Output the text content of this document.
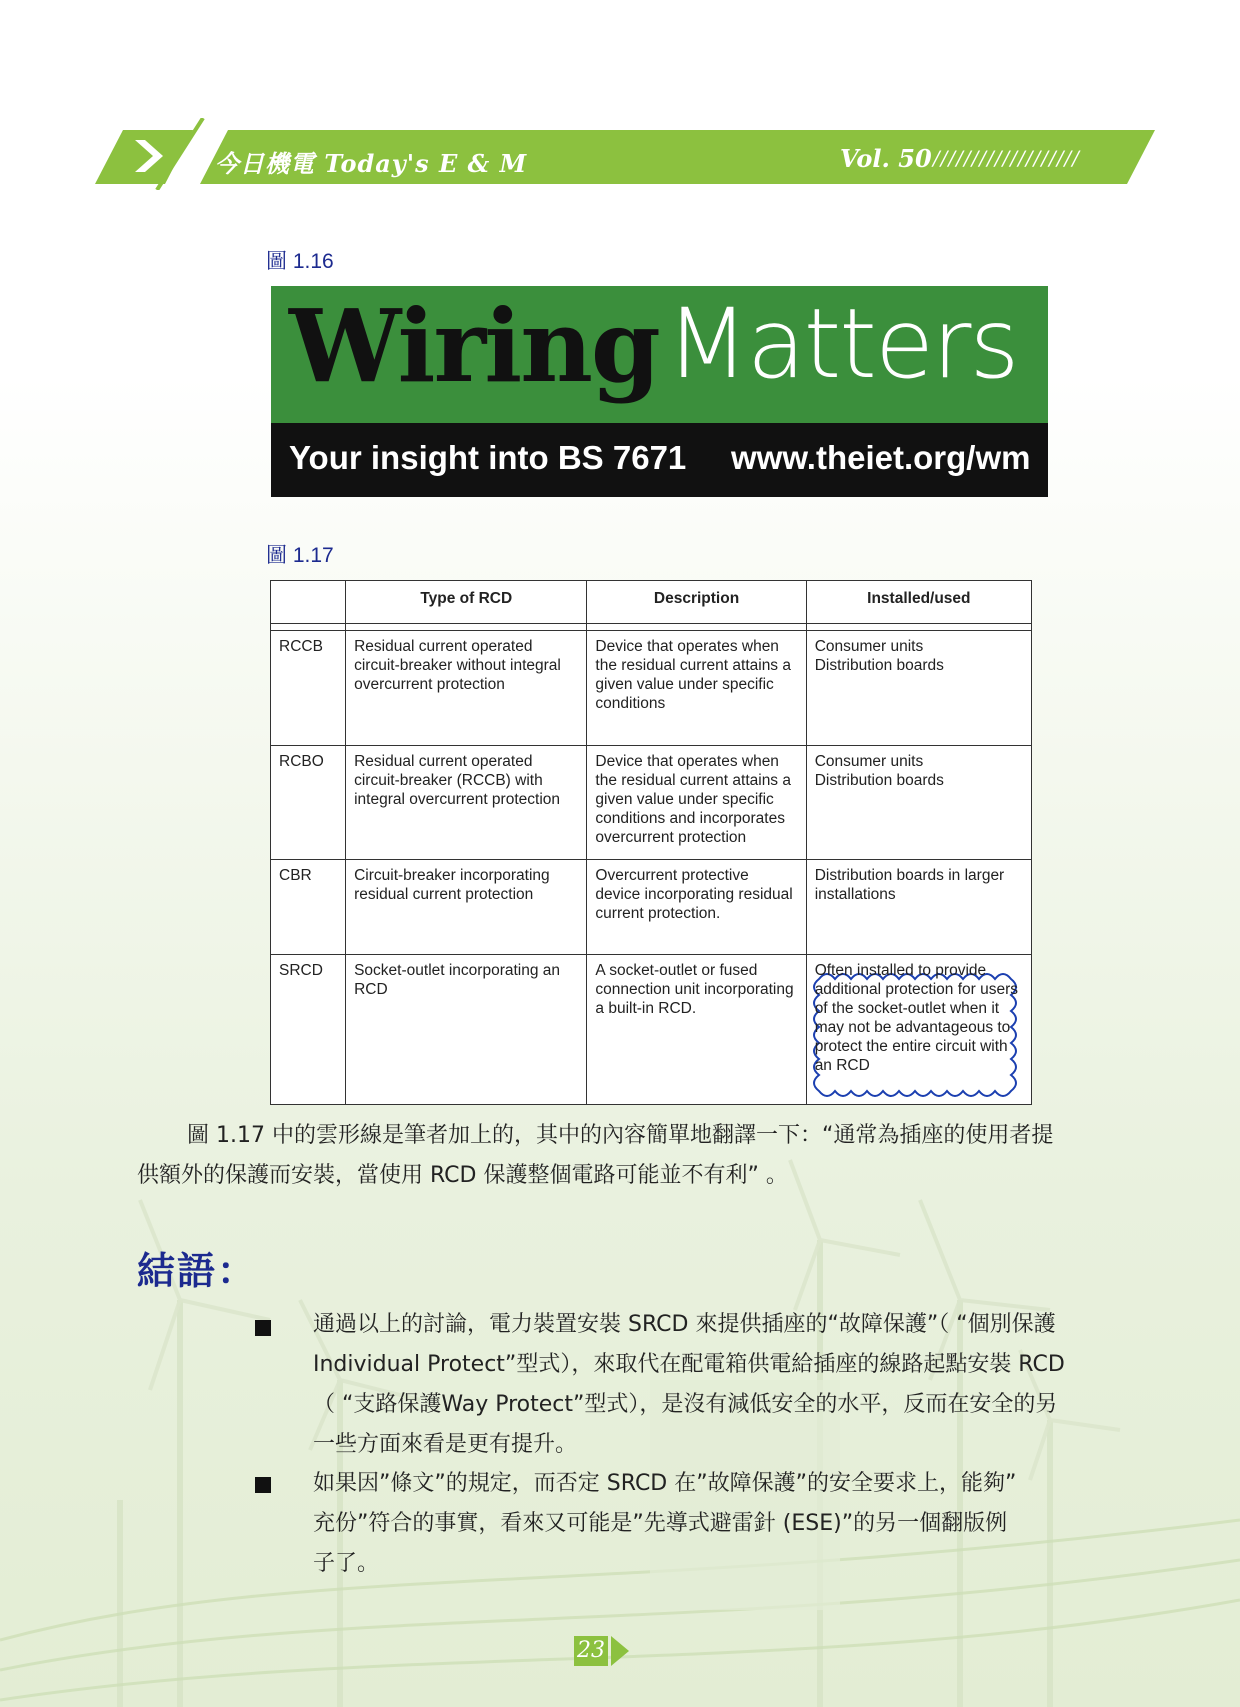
今日機電 Today's E & M	Vol. 50 ///////////////////
圖 1.16
Wiring Matters
Your insight into BS 7671 www.theiet.org/wm
圖 1.17
	Type of RCD	Description	Installed/used

RCCB	Residual current operated circuit-breaker without integral overcurrent protection	Device that operates when the residual current attains a given value under specific conditions	Consumer units
Distribution boards
RCBO	Residual current operated circuit-breaker (RCCB) with integral overcurrent protection	Device that operates when the residual current attains a given value under specific conditions and incorporates overcurrent protection	Consumer units
Distribution boards
CBR	Circuit-breaker incorporating residual current protection	Overcurrent protective device incorporating residual current protection.	Distribution boards in larger installations
SRCD	Socket-outlet incorporating an RCD	A socket-outlet or fused connection unit incorporating a built-in RCD.	Often installed to provide additional protection for users of the socket-outlet when it may not be advantageous to protect the entire circuit with an RCD
圖 1.17 中的雲形線是筆者加上的，其中的內容簡單地翻譯一下：“通常為插座的使用者提
供額外的保護而安裝，當使用 RCD 保護整個電路可能並不有利” 。
結語：
通過以上的討論，電力裝置安裝 SRCD 來提供插座的“故障保護”（ “個別保護
Individual Protect”型式），來取代在配電箱供電給插座的線路起點安裝 RCD
（ “支路保護Way Protect”型式），是沒有減低安全的水平，反而在安全的另
一些方面來看是更有提升。
如果因”條文”的規定，而否定 SRCD 在”故障保護”的安全要求上，能夠”
充份”符合的事實，看來又可能是”先導式避雷針 (ESE)”的另一個翻版例
子了。
23
